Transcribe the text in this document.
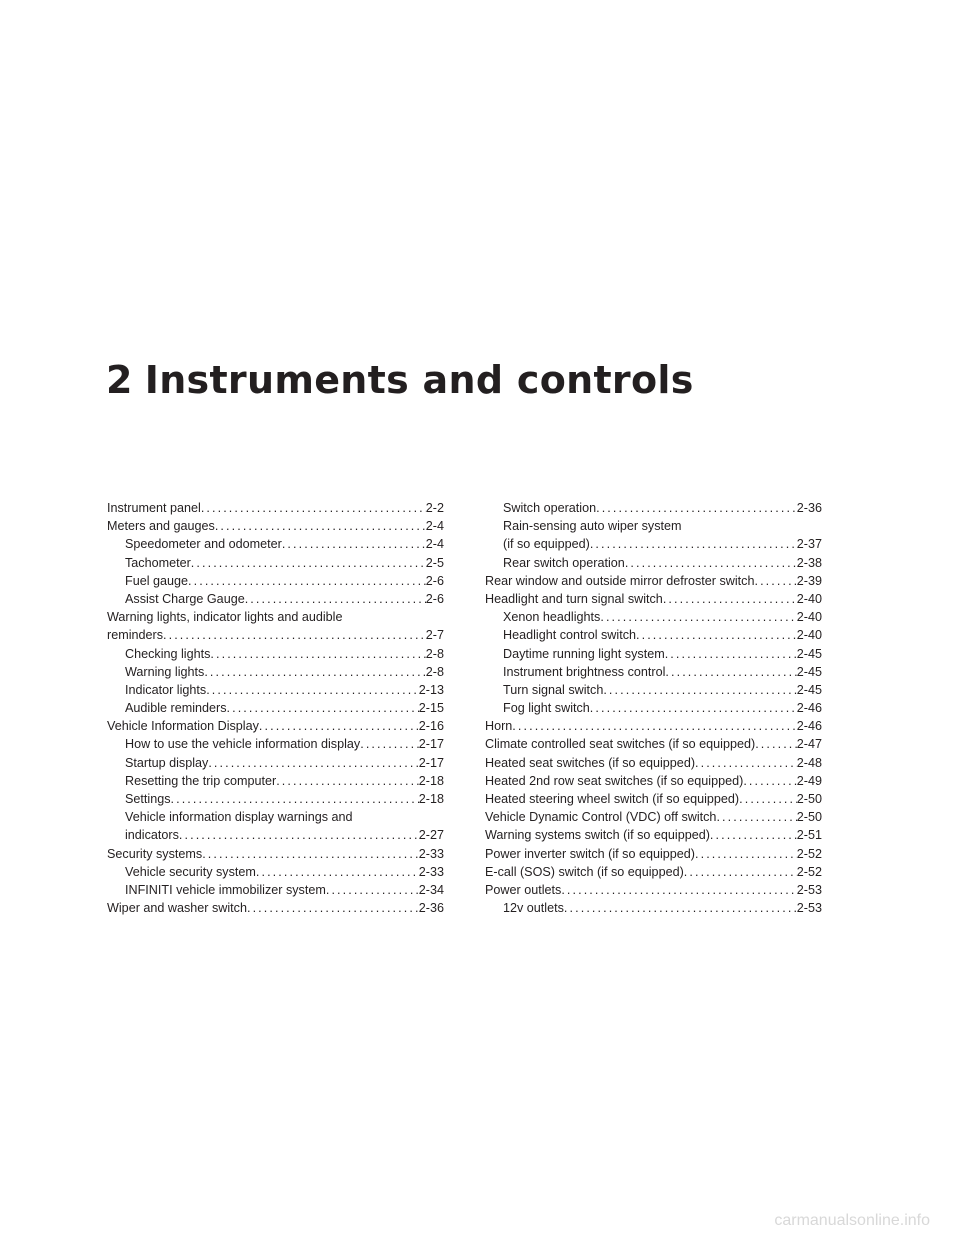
2 Instruments and controls
Instrument panel .....	2-2
Meters and gauges .....	2-4
Speedometer and odometer .....	2-4
Tachometer .....	2-5
Fuel gauge .....	2-6
Assist Charge Gauge .....	2-6
Warning lights, indicator lights and audible
reminders .....	2-7
Checking lights .....	2-8
Warning lights .....	2-8
Indicator lights .....	2-13
Audible reminders .....	2-15
Vehicle Information Display .....	2-16
How to use the vehicle information display .....	2-17
Startup display .....	2-17
Resetting the trip computer .....	2-18
Settings .....	2-18
Vehicle information display warnings and
indicators .....	2-27
Security systems .....	2-33
Vehicle security system .....	2-33
INFINITI vehicle immobilizer system .....	2-34
Wiper and washer switch .....	2-36
Switch operation .....	2-36
Rain-sensing auto wiper system
(if so equipped) .....	2-37
Rear switch operation .....	2-38
Rear window and outside mirror defroster switch .....	2-39
Headlight and turn signal switch .....	2-40
Xenon headlights .....	2-40
Headlight control switch .....	2-40
Daytime running light system .....	2-45
Instrument brightness control .....	2-45
Turn signal switch .....	2-45
Fog light switch .....	2-46
Horn .....	2-46
Climate controlled seat switches (if so equipped) .....	2-47
Heated seat switches (if so equipped) .....	2-48
Heated 2nd row seat switches (if so equipped) .....	2-49
Heated steering wheel switch (if so equipped) .....	2-50
Vehicle Dynamic Control (VDC) off switch .....	2-50
Warning systems switch (if so equipped) .....	2-51
Power inverter switch (if so equipped) .....	2-52
E-call (SOS) switch (if so equipped) .....	2-52
Power outlets .....	2-53
12v outlets .....	2-53
carmanualsonline.info
